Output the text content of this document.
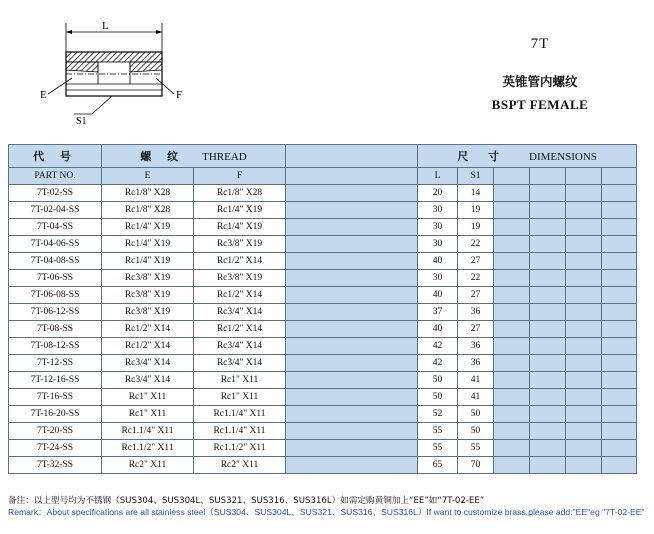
L
E	F
S1
7T
英锥管内螺纹
BSPT FEMALE
代 号	螺 纹 THREAD			尺 寸 DIMENSIONS					
PART NO.	E	F		L	S1				
7T-02-SS	Rc1/8" X28	Rc1/8" X28		20	14				
7T-02-04-SS	Rc1/8" X28	Rc1/4" X19		30	19				
7T-04-SS	Rc1/4" X19	Rc1/4" X19		30	19				
7T-04-06-SS	Rc1/4" X19	Rc3/8" X19		30	22				
7T-04-08-SS	Rc1/4" X19	Rc1/2" X14		40	27				
7T-06-SS	Rc3/8" X19	Rc3/8" X19		30	22				
7T-06-08-SS	Rc3/8" X19	Rc1/2" X14		40	27				
7T-06-12-SS	Rc3/8" X19	Rc3/4" X14		37	36				
7T-08-SS	Rc1/2" X14	Rc1/2" X14		40	27				
7T-08-12-SS	Rc1/2" X14	Rc3/4" X14		42	36				
7T-12-SS	Rc3/4" X14	Rc3/4" X14		42	36				
7T-12-16-SS	Rc3/4" X14	Rc1" X11		50	41				
7T-16-SS	Rc1" X11	Rc1" X11		50	41				
7T-16-20-SS	Rc1" X11	Rc1.1/4" X11		52	50				
7T-20-SS	Rc1.1/4" X11	Rc1.1/4" X11		55	50				
7T-24-SS	Rc1.1/2" X11	Rc1.1/2" X11		55	55				
7T-32-SS	Rc2" X11	Rc2" X11		65	70				
备注：以上型号均为不锈钢（SUS304、SUS304L、SUS321、SUS316、SUS316L）如需定购黄铜加上“EE”如“7T-02-EE”
Remark：About specifications are all stainless steel（SUS304、SUS304L、SUS321、SUS316、SUS316L）If want to customize brass,please add:"EE"eg "7T-02-EE"
